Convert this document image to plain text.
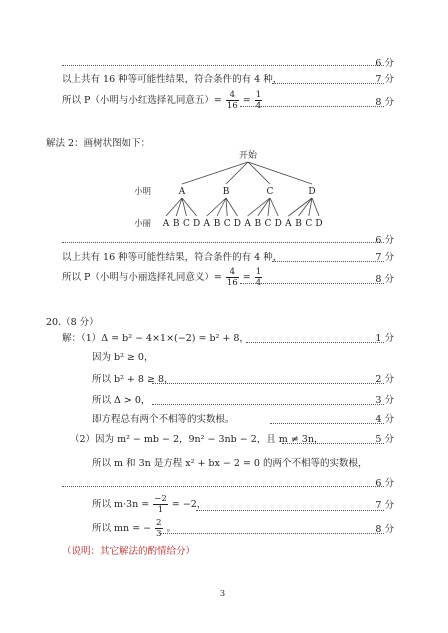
6 分
以上共有 16 种等可能性结果，符合条件的有 4 种，	7 分
所以 P（小明与小红选择礼同意五）= $\frac{4}{16} = \frac{1}{4}$	8 分
解法 2：画树状图如下：
开始
小明	A	B	C	D
小丽 A B C D A B C D A B C D A B C D
6 分
以上共有 16 种等可能性结果，符合条件的有 4 种，	7 分
所以 P（小明与小丽选择礼同意义）= $\frac{4}{16} = \frac{1}{4}$	8 分
20.（8 分）
解：（1）Δ = b² − 4×1×(−2) = b² + 8，	1 分
因为 b² ≥ 0，
所以 b² + 8 ≥ 8，	2 分
所以 Δ > 0，	3 分
即方程总有两个不相等的实数根。	4 分
（2）因为 m² − mb − 2，9n² − 3nb − 2，且 m ≠ 3n，	5 分
所以 m 和 3n 是方程 x² + bx − 2 = 0 的两个不相等的实数根，
6 分
所以 $m\cdot 3n = \frac{-2}{1} = -2$，	7 分
所以 mn = − $\frac{2}{3}$ 。	8 分
（说明：其它解法的酌情给分）
3
